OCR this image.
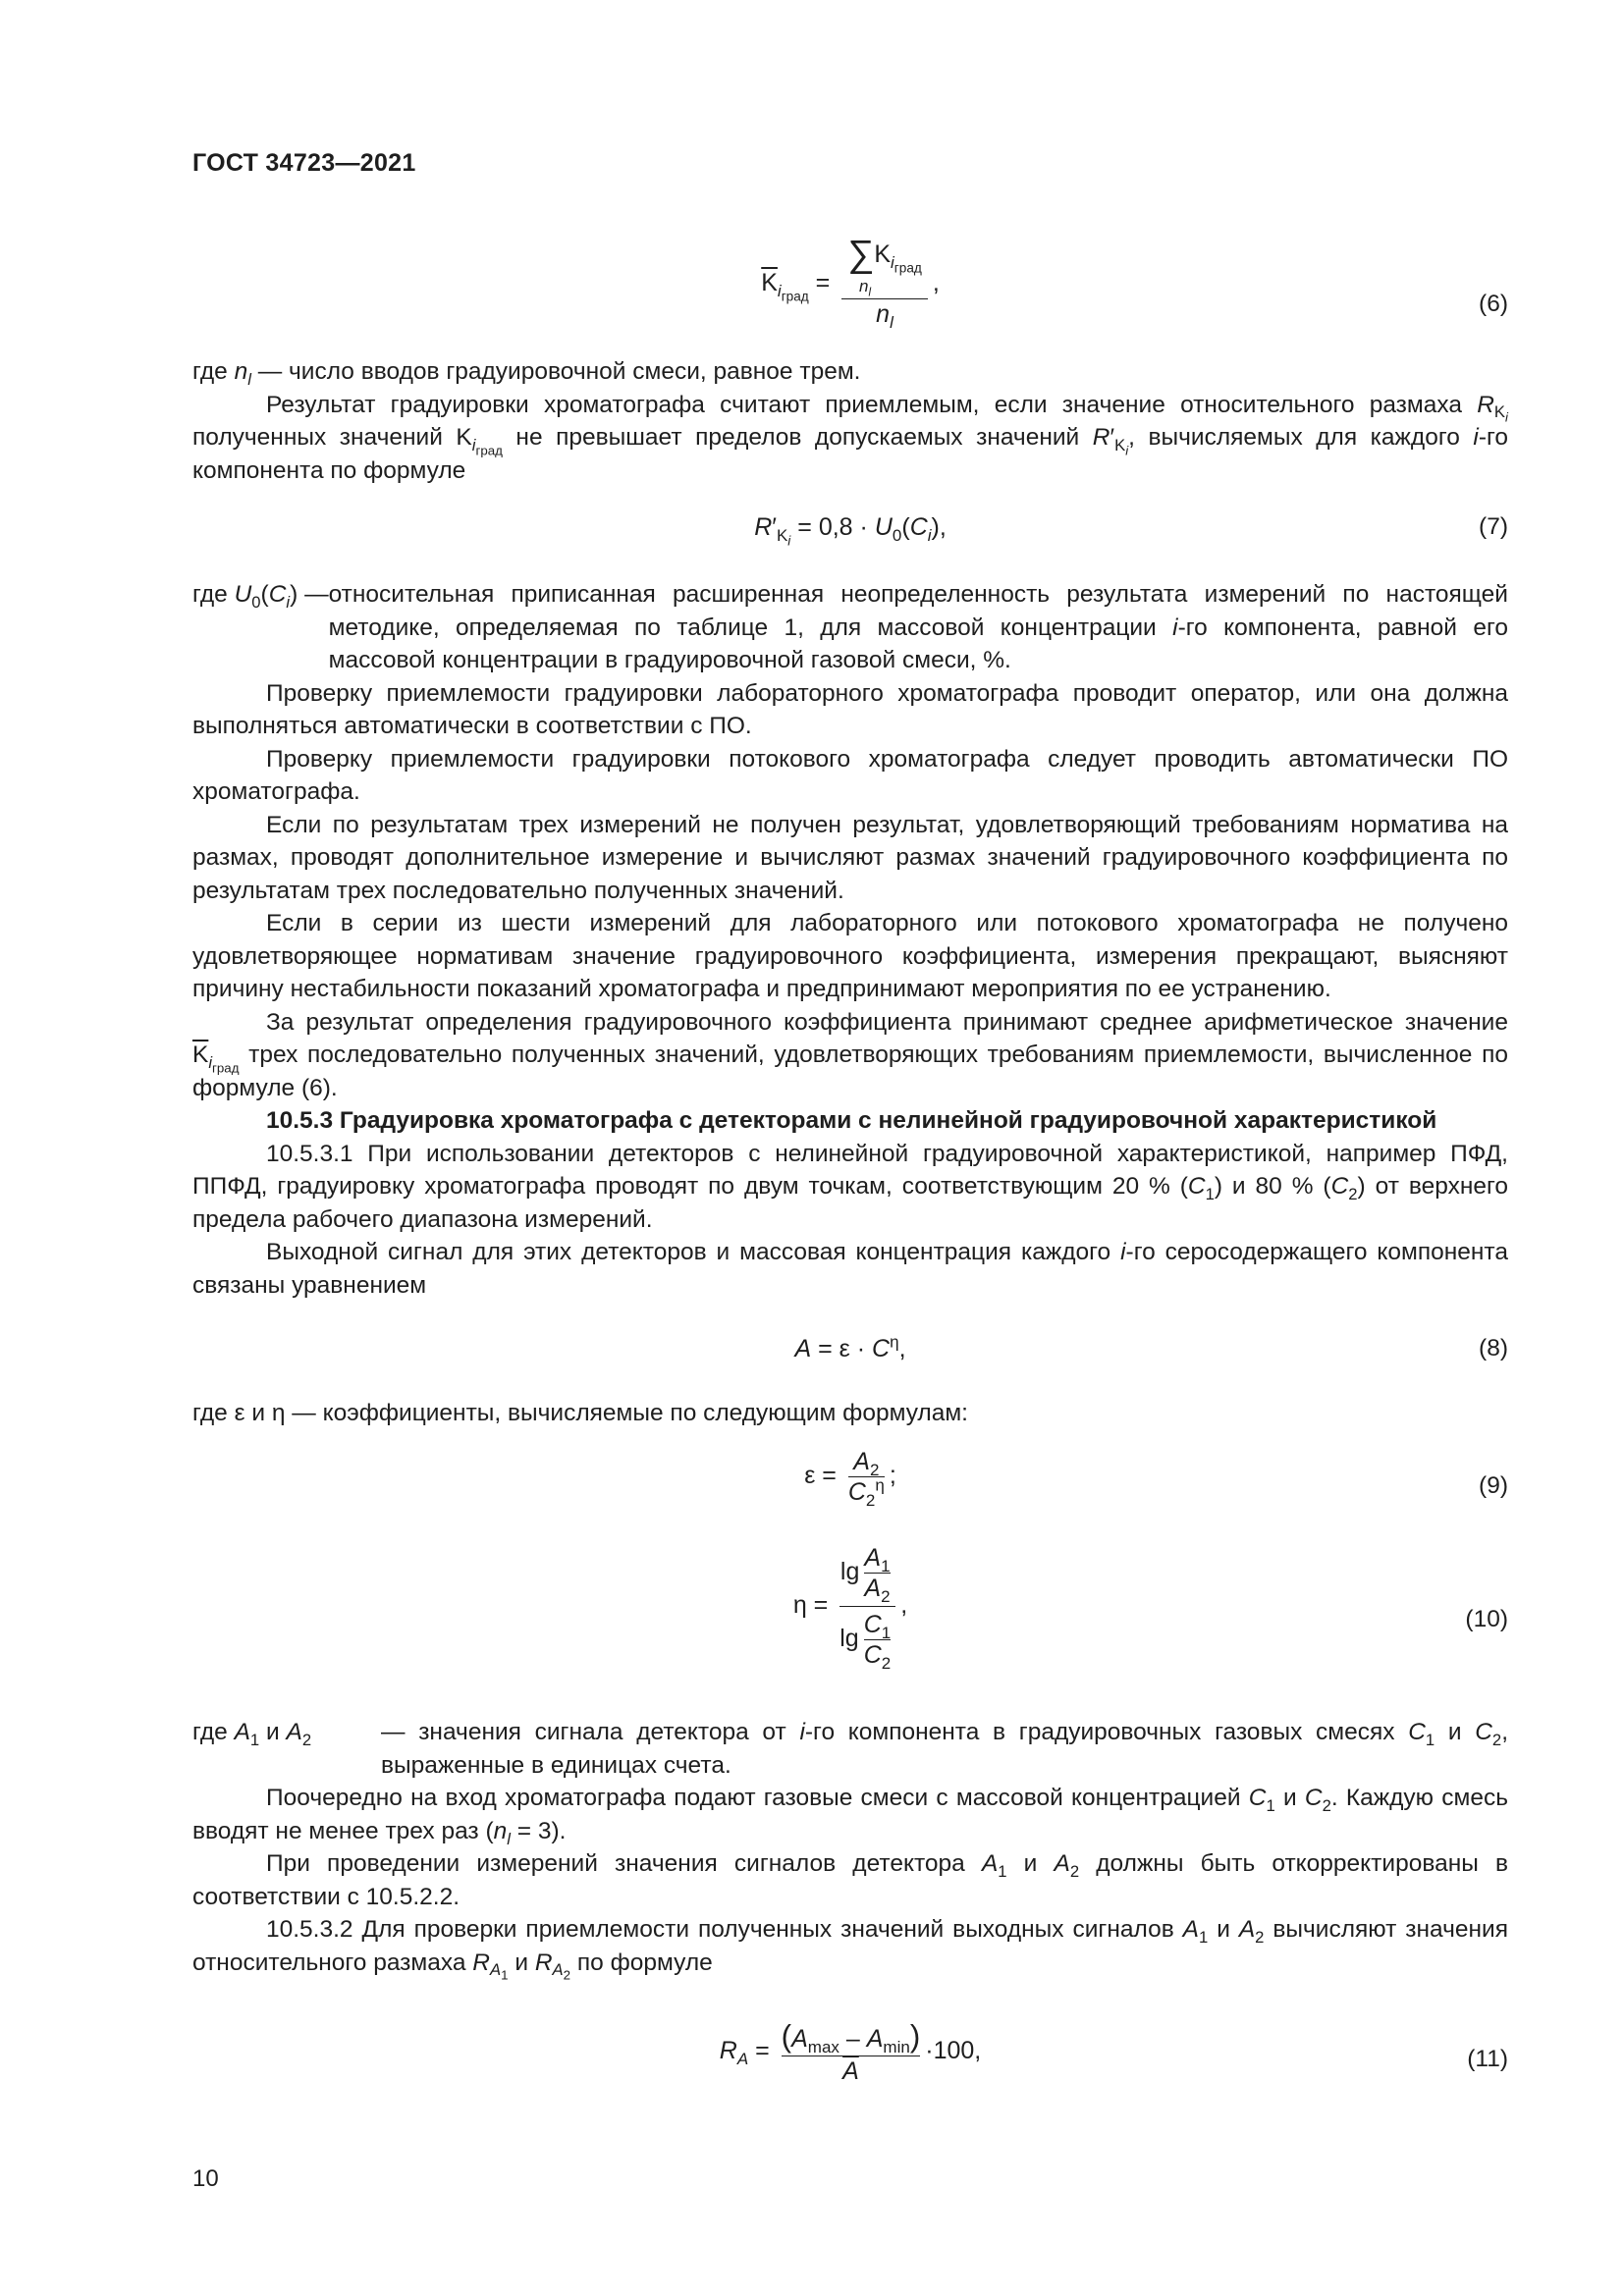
ГОСТ 34723—2021
$\overline{K}_{i_{град}}$ =
$\sum K_{i_{град}}$
$n_l$
$n_l$
,
(6)

где $n_l$ — число вводов градуировочной смеси, равное трем.

Результат градуировки хроматографа считают приемлемым, если значение относительного размаха $R_{K_i}$ полученных значений $K_{i_{град}}$ не превышает пределов допускаемых значений $R'_{K_i}$, вычисляемых для каждого i-го компонента по формуле

$R'_{K_i} = 0,8 \cdot U_0(C_i)$,	(7)
где $U_0(C_i)$ — относительная приписанная расширенная неопределенность результата измерений по настоящей методике, определяемая по таблице 1, для массовой концентрации i-го компонента, равной его массовой концентрации в градуировочной газовой смеси, %.

Проверку приемлемости градуировки лабораторного хроматографа проводит оператор, или она должна выполняться автоматически в соответствии с ПО.

Проверку приемлемости градуировки потокового хроматографа следует проводить автоматически ПО хроматографа.

Если по результатам трех измерений не получен результат, удовлетворяющий требованиям норматива на размах, проводят дополнительное измерение и вычисляют размах значений градуировочного коэффициента по результатам трех последовательно полученных значений.

Если в серии из шести измерений для лабораторного или потокового хроматографа не получено удовлетворяющее нормативам значение градуировочного коэффициента, измерения прекращают, выясняют причину нестабильности показаний хроматографа и предпринимают мероприятия по ее устранению.

За результат определения градуировочного коэффициента принимают среднее арифметическое значение $\overline{K}_{i_{град}}$ трех последовательно полученных значений, удовлетворяющих требованиям приемлемости, вычисленное по формуле (6).

10.5.3 Градуировка хроматографа с детекторами с нелинейной градуировочной характеристикой

10.5.3.1 При использовании детекторов с нелинейной градуировочной характеристикой, например ПФД, ППФД, градуировку хроматографа проводят по двум точкам, соответствующим 20 % $(C_1)$ и 80 % $(C_2)$ от верхнего предела рабочего диапазона измерений.

Выходной сигнал для этих детекторов и массовая концентрация каждого i-го серосодержащего компонента связаны уравнением

$A = \varepsilon \cdot C^\eta$,	(8)

где ε и η — коэффициенты, вычисляемые по следующим формулам:

$\varepsilon = \frac{A_2}{C_2^\eta}$ ;	(9)
$\eta = \frac{\lg \frac{A_1}{A_2}}{\lg \frac{C_1}{C_2}}$ ,
(10)
где $A_1$ и $A_2$	— значения сигнала детектора от i-го компонента в градуировочных газовых смесях $C_1$ и $C_2$, выраженные в единицах счета.

Поочередно на вход хроматографа подают газовые смеси с массовой концентрацией $C_1$ и $C_2$. Каждую смесь вводят не менее трех раз $(n_l = 3)$.

При проведении измерений значения сигналов детектора $A_1$ и $A_2$ должны быть откорректированы в соответствии с 10.5.2.2.

10.5.3.2 Для проверки приемлемости полученных значений выходных сигналов $A_1$ и $A_2$ вычисляют значения относительного размаха $R_{A_1}$ и $R_{A_2}$ по формуле

$R_A = \frac{(A_{max} - A_{min})}{A} \cdot 100$,	(11)
10
